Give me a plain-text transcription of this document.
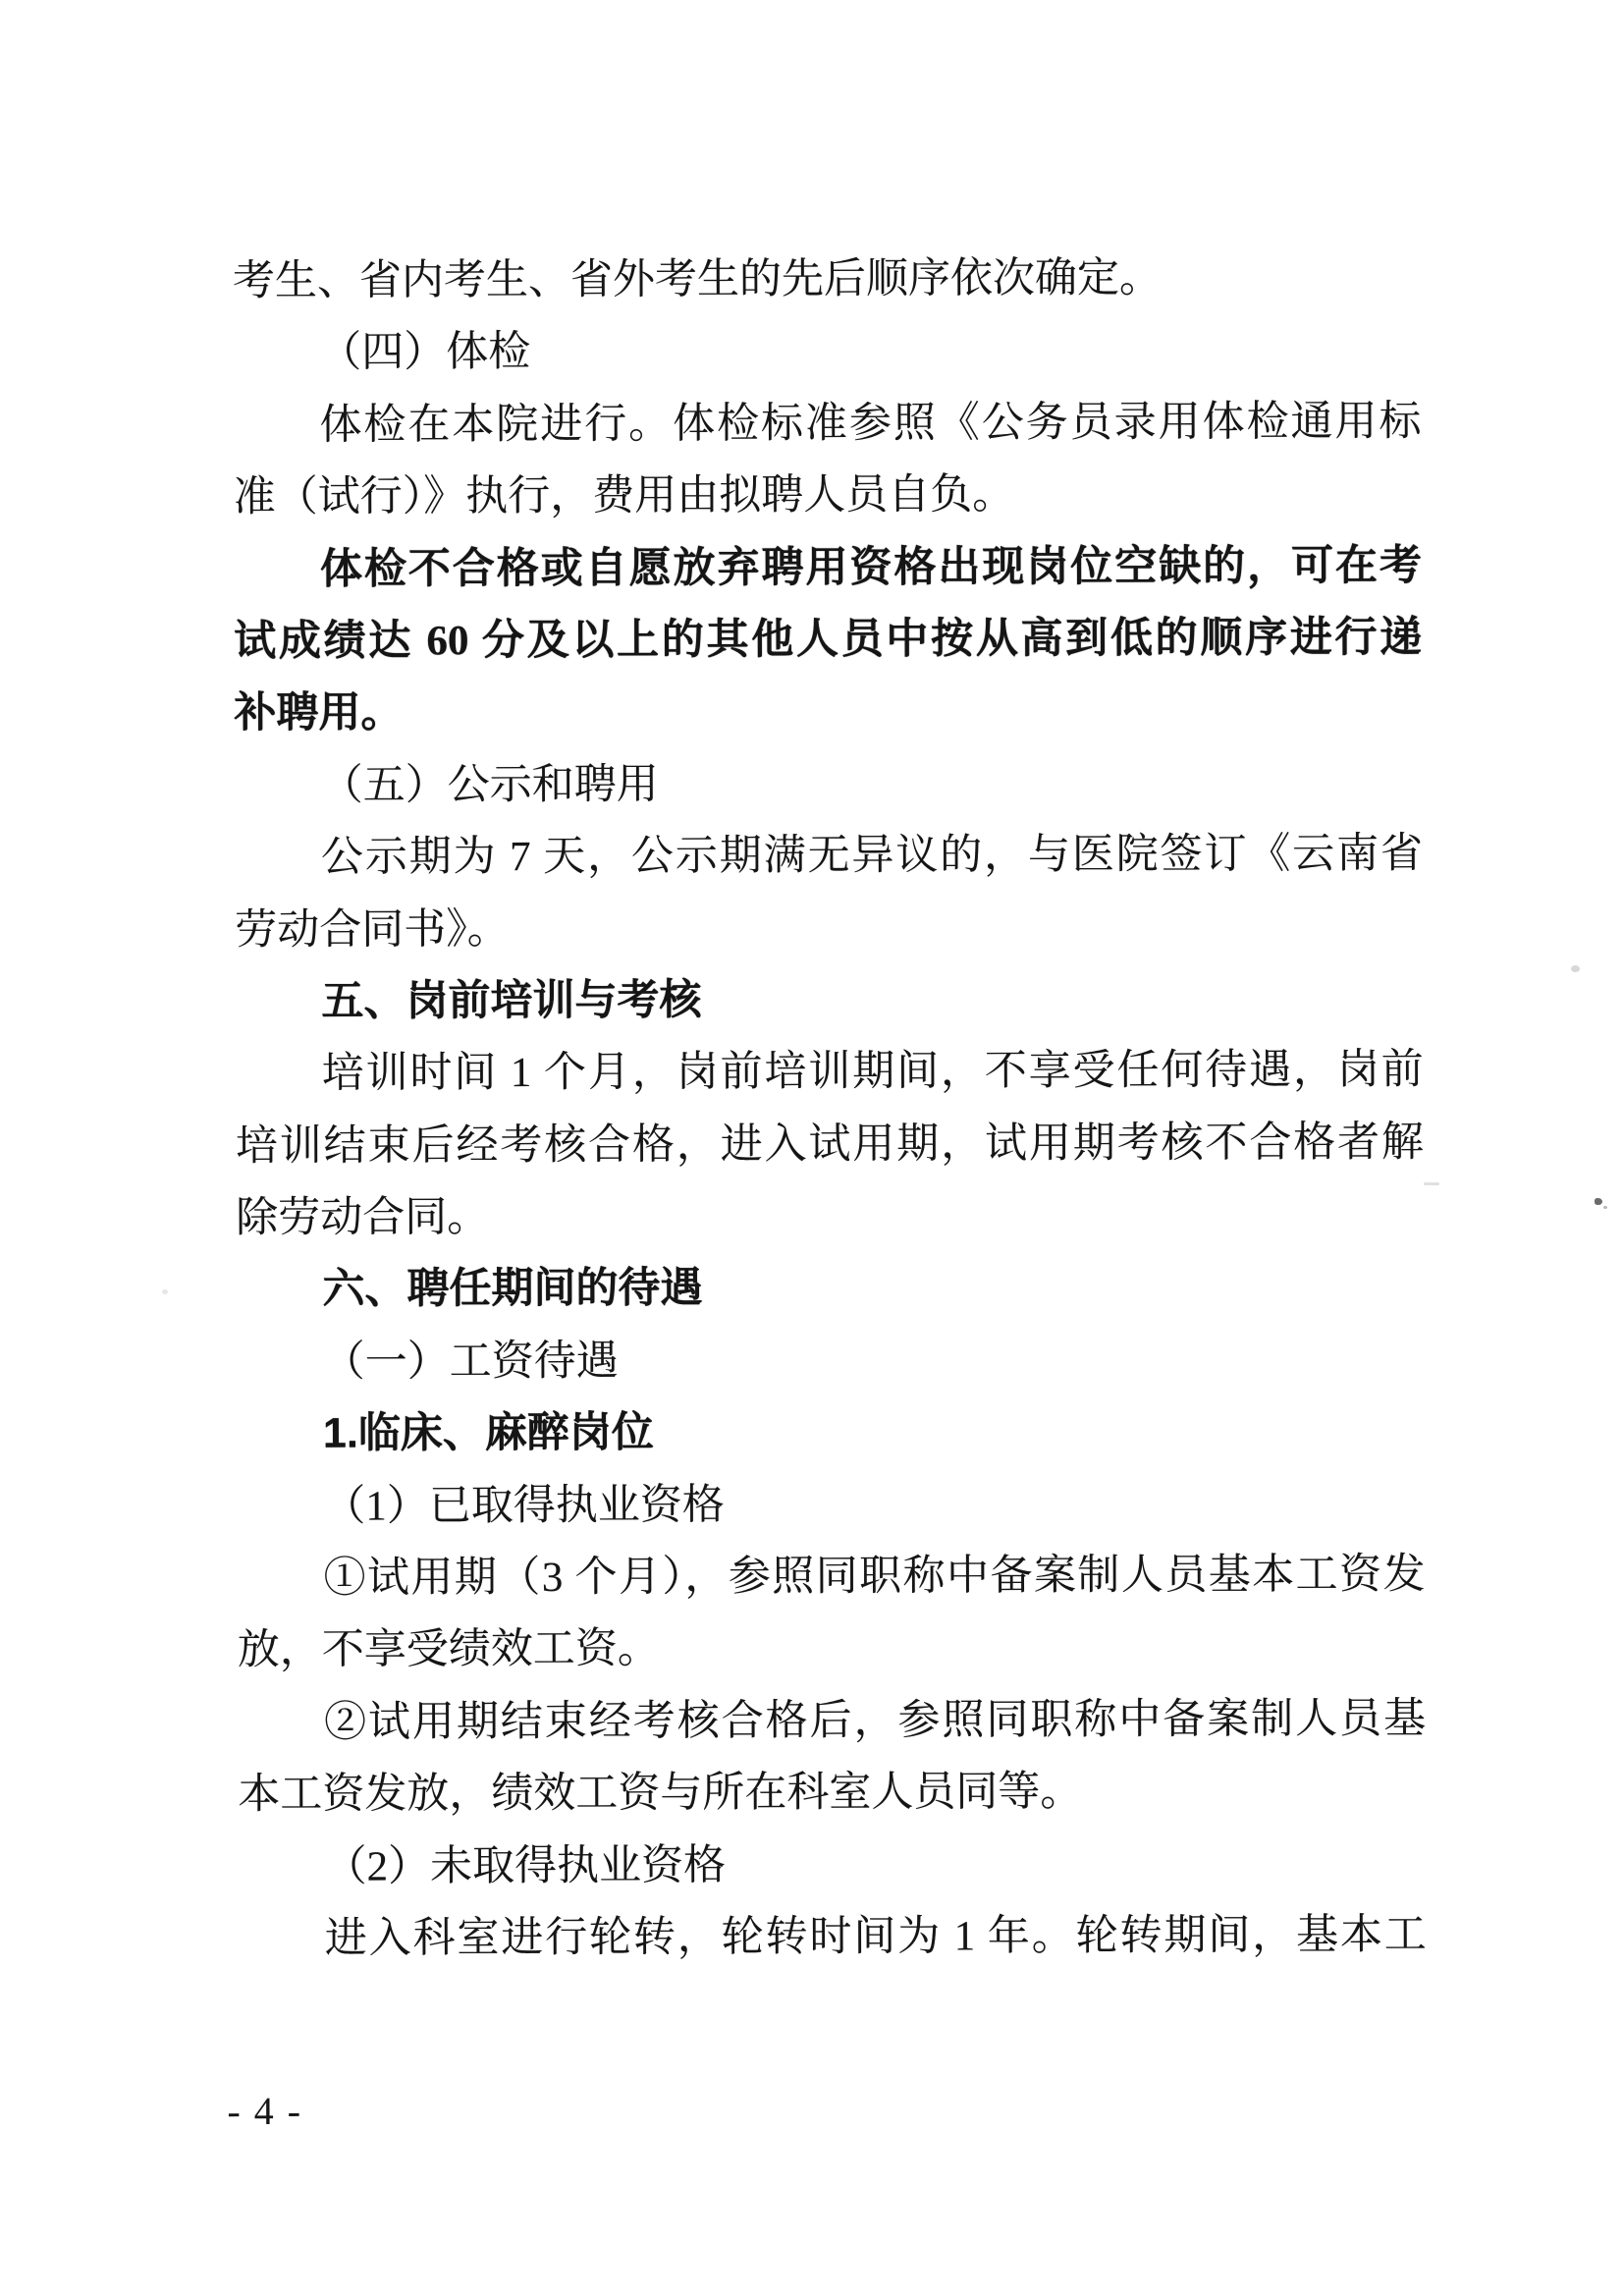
考生、省内考生、省外考生的先后顺序依次确定。
（四）体检
体检在本院进行。体检标准参照《公务员录用体检通用标
准（试行）》执行，费用由拟聘人员自负。
体检不合格或自愿放弃聘用资格出现岗位空缺的，可在考
试成绩达 60 分及以上的其他人员中按从高到低的顺序进行递
补聘用。
（五）公示和聘用
公示期为 7 天，公示期满无异议的，与医院签订《云南省
劳动合同书》。
五、岗前培训与考核
培训时间 1 个月，岗前培训期间，不享受任何待遇，岗前
培训结束后经考核合格，进入试用期，试用期考核不合格者解
除劳动合同。
六、聘任期间的待遇
（一）工资待遇
1.临床、麻醉岗位
（1）已取得执业资格
①试用期（3 个月），参照同职称中备案制人员基本工资发
放，不享受绩效工资。
②试用期结束经考核合格后，参照同职称中备案制人员基
本工资发放，绩效工资与所在科室人员同等。
（2）未取得执业资格
进入科室进行轮转，轮转时间为 1 年。轮转期间，基本工
- 4 -
